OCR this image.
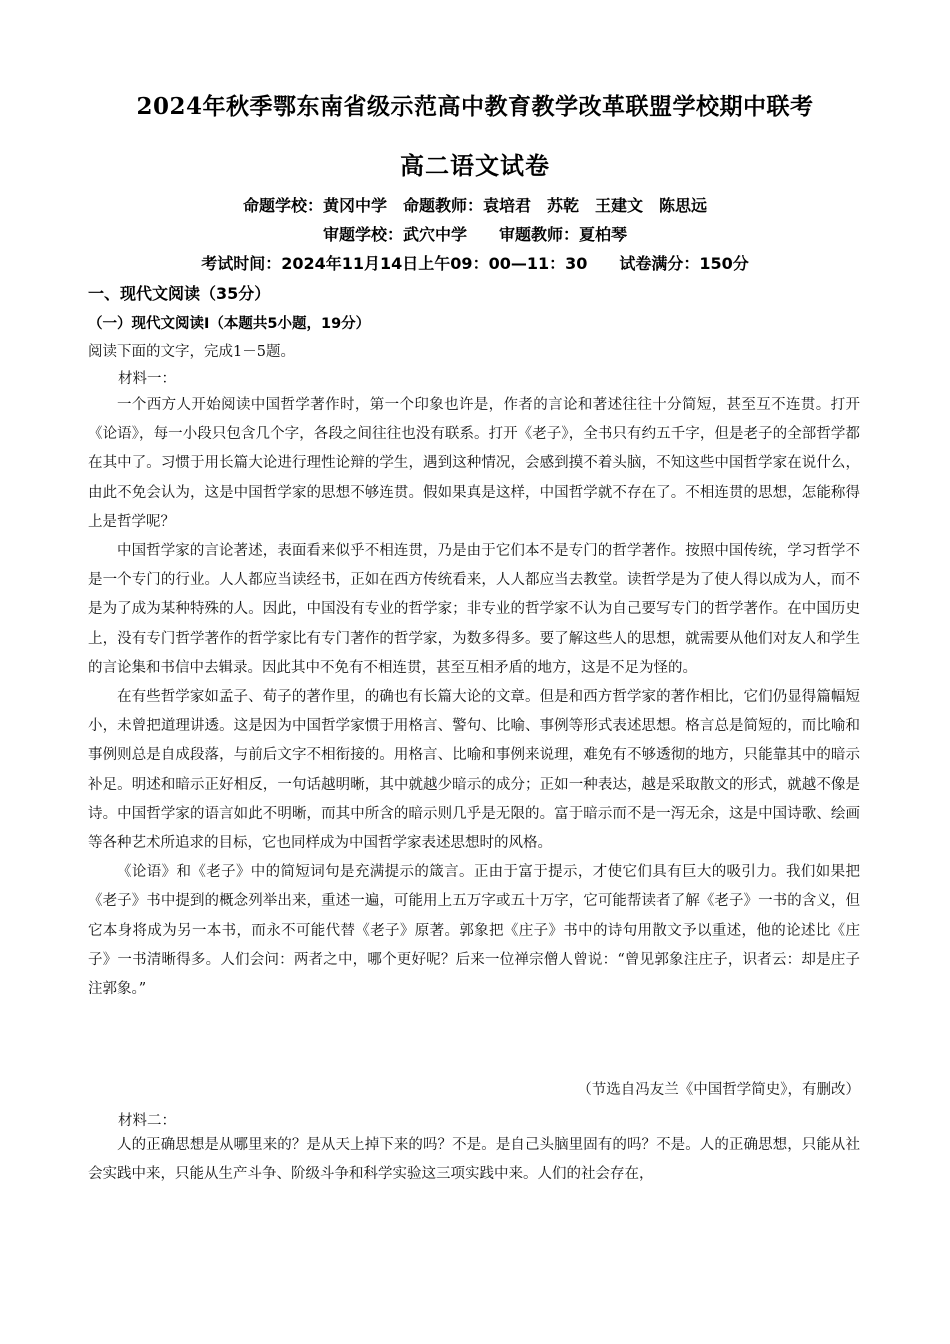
2024年秋季鄂东南省级示范高中教育教学改革联盟学校期中联考
高二语文试卷
命题学校：黄冈中学　命题教师：袁培君　苏乾　王建文　陈思远
审题学校：武穴中学　　审题教师：夏柏琴
考试时间：2024年11月14日上午09：00—11：30　　试卷满分：150分
一、现代文阅读（35分）
（一）现代文阅读Ⅰ（本题共5小题，19分）
阅读下面的文字，完成1－5题。
材料一：

一个西方人开始阅读中国哲学著作时，第一个印象也许是，作者的言论和著述往往十分简短，甚至互不连贯。打开《论语》，每一小段只包含几个字，各段之间往往也没有联系。打开《老子》，全书只有约五千字，但是老子的全部哲学都在其中了。习惯于用长篇大论进行理性论辩的学生，遇到这种情况，会感到摸不着头脑，不知这些中国哲学家在说什么，由此不免会认为，这是中国哲学家的思想不够连贯。假如果真是这样，中国哲学就不存在了。不相连贯的思想，怎能称得上是哲学呢？

中国哲学家的言论著述，表面看来似乎不相连贯，乃是由于它们本不是专门的哲学著作。按照中国传统，学习哲学不是一个专门的行业。人人都应当读经书，正如在西方传统看来，人人都应当去教堂。读哲学是为了使人得以成为人，而不是为了成为某种特殊的人。因此，中国没有专业的哲学家；非专业的哲学家不认为自己要写专门的哲学著作。在中国历史上，没有专门哲学著作的哲学家比有专门著作的哲学家，为数多得多。要了解这些人的思想，就需要从他们对友人和学生的言论集和书信中去辑录。因此其中不免有不相连贯，甚至互相矛盾的地方，这是不足为怪的。

在有些哲学家如孟子、荀子的著作里，的确也有长篇大论的文章。但是和西方哲学家的著作相比，它们仍显得篇幅短小，未曾把道理讲透。这是因为中国哲学家惯于用格言、警句、比喻、事例等形式表述思想。格言总是简短的，而比喻和事例则总是自成段落，与前后文字不相衔接的。用格言、比喻和事例来说理，难免有不够透彻的地方，只能靠其中的暗示补足。明述和暗示正好相反，一句话越明晰，其中就越少暗示的成分；正如一种表达，越是采取散文的形式，就越不像是诗。中国哲学家的语言如此不明晰，而其中所含的暗示则几乎是无限的。富于暗示而不是一泻无余，这是中国诗歌、绘画等各种艺术所追求的目标，它也同样成为中国哲学家表述思想时的风格。

《论语》和《老子》中的简短词句是充满提示的箴言。正由于富于提示，才使它们具有巨大的吸引力。我们如果把《老子》书中提到的概念列举出来，重述一遍，可能用上五万字或五十万字，它可能帮读者了解《老子》一书的含义，但它本身将成为另一本书，而永不可能代替《老子》原著。郭象把《庄子》书中的诗句用散文予以重述，他的论述比《庄子》一书清晰得多。人们会问：两者之中，哪个更好呢？后来一位禅宗僧人曾说：“曾见郭象注庄子，识者云：却是庄子注郭象。”

（节选自冯友兰《中国哲学简史》，有删改）
材料二：

人的正确思想是从哪里来的？是从天上掉下来的吗？不是。是自己头脑里固有的吗？不是。人的正确思想，只能从社会实践中来，只能从生产斗争、阶级斗争和科学实验这三项实践中来。人们的社会存在，
